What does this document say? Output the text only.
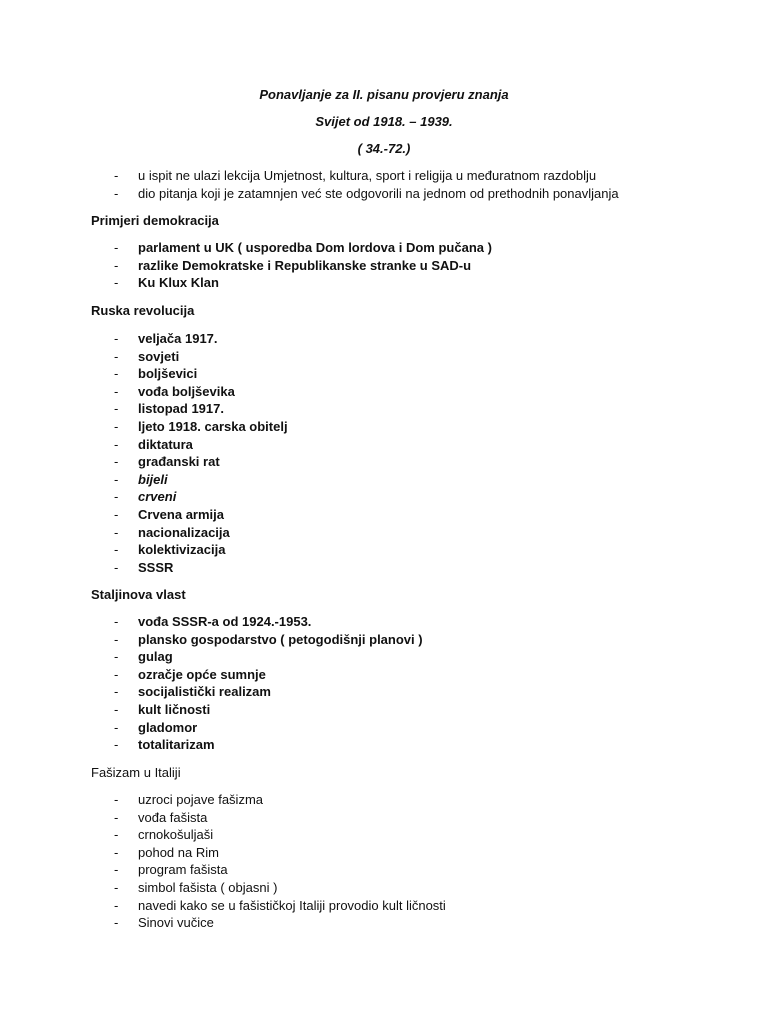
Ponavljanje za II. pisanu provjeru znanja
Svijet od 1918. – 1939.
( 34.-72.)
- u ispit ne ulazi lekcija Umjetnost, kultura, sport i religija u međuratnom razdoblju
- dio pitanja koji je zatamnjen već ste odgovorili na jednom od prethodnih ponavljanja
Primjeri demokracija
- parlament u UK ( usporedba Dom lordova i Dom pučana )
- razlike Demokratske i Republikanske stranke u SAD-u
- Ku Klux Klan
Ruska revolucija
- veljača 1917.
- sovjeti
- boljševici
- vođa boljševika
- listopad 1917.
- ljeto 1918. carska obitelj
- diktatura
- građanski rat
- bijeli
- crveni
- Crvena armija
- nacionalizacija
- kolektivizacija
- SSSR
Staljinova vlast
- vođa SSSR-a od 1924.-1953.
- plansko gospodarstvo ( petogodišnji planovi )
- gulag
- ozračje opće sumnje
- socijalistički realizam
- kult ličnosti
- gladomor
- totalitarizam
Fašizam u Italiji
- uzroci pojave fašizma
- vođa fašista
- crnokošuljaši
- pohod na Rim
- program fašista
- simbol fašista ( objasni )
- navedi kako se u fašističkoj Italiji provodio kult ličnosti
- Sinovi vučice
